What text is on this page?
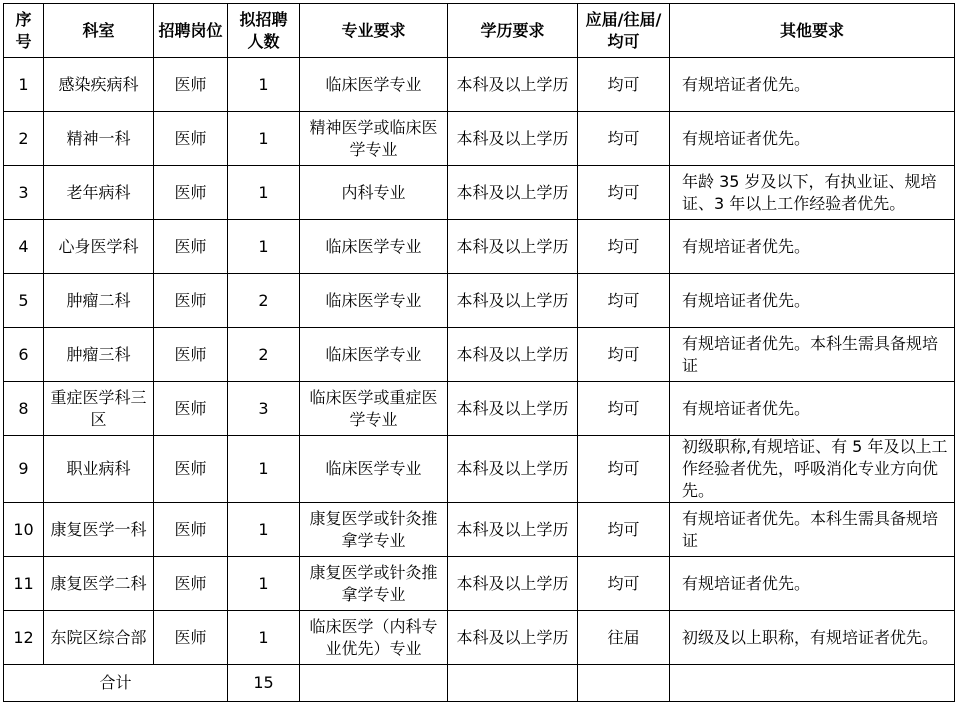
序号	科室	招聘岗位	拟招聘人数	专业要求	学历要求	应届/往届/均可	其他要求

1	感染疾病科	医师	1	临床医学专业	本科及以上学历	均可	有规培证者优先。

2	精神一科	医师	1	精神医学或临床医学专业	本科及以上学历	均可	有规培证者优先。

3	老年病科	医师	1	内科专业	本科及以上学历	均可	年龄 35 岁及以下，有执业证、规培证、3 年以上工作经验者优先。

4	心身医学科	医师	1	临床医学专业	本科及以上学历	均可	有规培证者优先。

5	肿瘤二科	医师	2	临床医学专业	本科及以上学历	均可	有规培证者优先。

6	肿瘤三科	医师	2	临床医学专业	本科及以上学历	均可	有规培证者优先。本科生需具备规培证

8	重症医学科三区	医师	3	临床医学或重症医学专业	本科及以上学历	均可	有规培证者优先。

9	职业病科	医师	1	临床医学专业	本科及以上学历	均可	初级职称,有规培证、有 5 年及以上工作经验者优先，呼吸消化专业方向优先。

10	康复医学一科	医师	1	康复医学或针灸推拿学专业	本科及以上学历	均可	有规培证者优先。本科生需具备规培证

11	康复医学二科	医师	1	康复医学或针灸推拿学专业	本科及以上学历	均可	有规培证者优先。

12	东院区综合部	医师	1	临床医学（内科专业优先）专业	本科及以上学历	往届	初级及以上职称，有规培证者优先。

合计			15				
